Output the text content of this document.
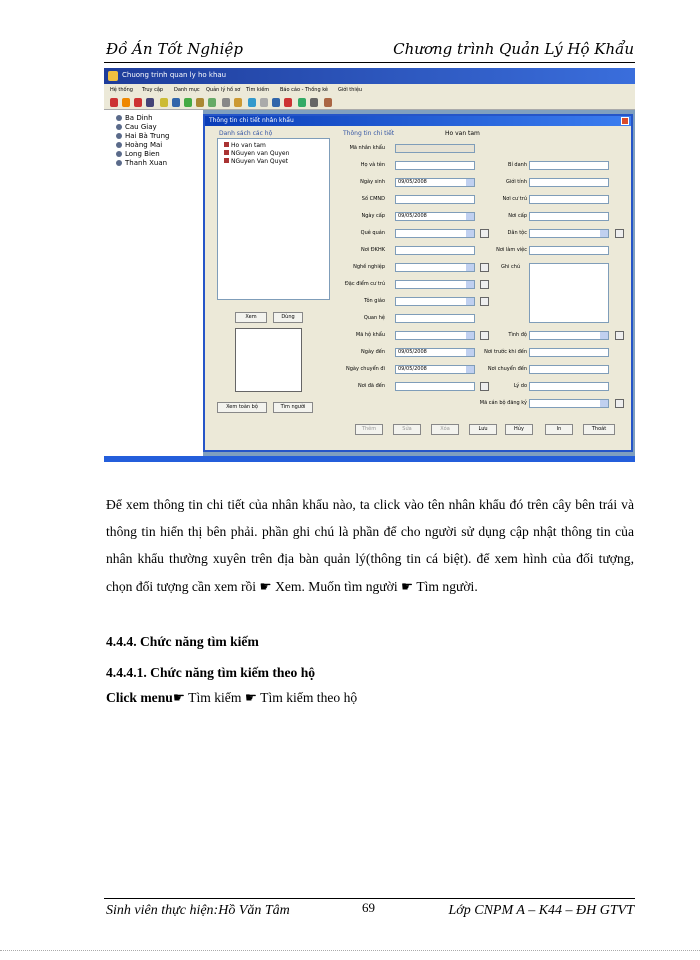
Đồ Án Tốt Nghiệp	Chương trình Quản Lý Hộ Khẩu
Chuong trinh quan ly ho khau
Hệ thống Truy cập Danh mục Quản lý hồ sơ Tìm kiếm Báo cáo - Thống kê Giới thiệu
Ba Dinh
Cau Giay
Hai Bà Trung
Hoàng Mai
Long Bien
Thanh Xuan
Thông tin chi tiết nhân khẩu
Danh sách các hộ
Ho van tam
NGuyen van Quyen
NGuyen Van Quyet
Xem	Dùng
Xem toàn bộ	Tìm người
Thông tin chi tiết	Ho van tam
Mã nhân khẩu
Họ và tên
Ngày sinh	09/05/2008
Số CMND
Ngày cấp	09/05/2008
Quê quán
Nơi ĐKHK
Nghề nghiệp
Đặc điểm cư trú
Tôn giáo
Quan hệ
Mã hộ khẩu
Ngày đến	09/05/2008
Ngày chuyển đi	09/05/2008
Nơi đã đến
Bí danh
Giới tính
Nơi cư trú
Nơi cấp
Dân tộc
Nơi làm việc
Ghi chú
Tình độ
Nơi trước khi đến
Nơi chuyển đến
Lý do
Mã cán bộ đăng ký
Thêm	Sửa	Xóa	Lưu	Hủy	In	Thoát
Để xem thông tin chi tiết của nhân khẩu nào, ta click vào tên nhân khẩu đó trên cây bên trái và thông tin hiển thị bên phải. phần ghi chú là phần để cho người sử dụng cập nhật thông tin của nhân khẩu thường xuyên trên địa bàn quản lý(thông tin cá biệt). để xem hình của đối tượng, chọn đối tượng cần xem rồi ☛ Xem. Muốn tìm người ☛ Tìm người.
4.4.4. Chức năng tìm kiếm
4.4.4.1. Chức năng tìm kiếm theo hộ
Click menu☛ Tìm kiếm ☛ Tìm kiếm theo hộ
Sinh viên thực hiện:Hồ Văn Tâm	69	Lớp CNPM A – K44 – ĐH GTVT
